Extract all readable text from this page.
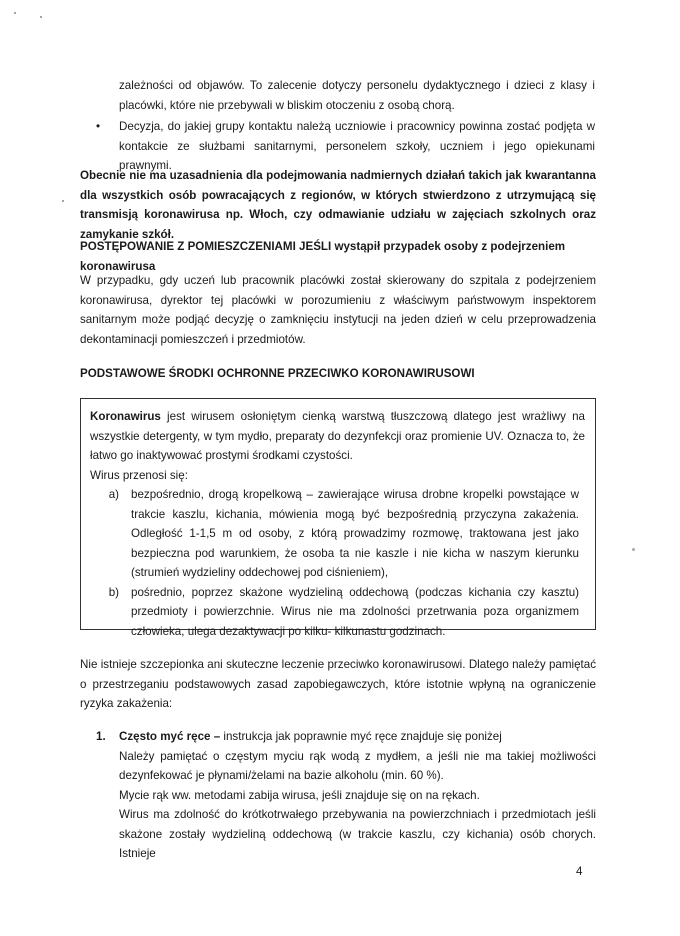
zależności od objawów. To zalecenie dotyczy personelu dydaktycznego i dzieci z klasy i placówki, które nie przebywali w bliskim otoczeniu z osobą chorą.
•	Decyzja, do jakiej grupy kontaktu należą uczniowie i pracownicy powinna zostać podjęta w kontakcie ze służbami sanitarnymi, personelem szkoły, uczniem i jego opiekunami prawnymi.
Obecnie nie ma uzasadnienia dla podejmowania nadmiernych działań takich jak kwarantanna dla wszystkich osób powracających z regionów, w których stwierdzono z utrzymującą się transmisją koronawirusa np. Włoch, czy odmawianie udziału w zajęciach szkolnych oraz zamykanie szkół.
POSTĘPOWANIE Z POMIESZCZENIAMI JEŚLI wystąpił przypadek osoby z podejrzeniem koronawirusa
W przypadku, gdy uczeń lub pracownik placówki został skierowany do szpitala z podejrzeniem koronawirusa, dyrektor tej placówki w porozumieniu z właściwym państwowym inspektorem sanitarnym może podjąć decyzję o zamknięciu instytucji na jeden dzień w celu przeprowadzenia dekontaminacji pomieszczeń i przedmiotów.
PODSTAWOWE ŚRODKI OCHRONNE PRZECIWKO KORONAWIRUSOWI
Koronawirus jest wirusem osłoniętym cienką warstwą tłuszczową dlatego jest wrażliwy na wszystkie detergenty, w tym mydło, preparaty do dezynfekcji oraz promienie UV. Oznacza to, że łatwo go inaktywować prostymi środkami czystości.
Wirus przenosi się:
a)	bezpośrednio, drogą kropelkową – zawierające wirusa drobne kropelki powstające w trakcie kaszlu, kichania, mówienia mogą być bezpośrednią przyczyna zakażenia. Odległość 1-1,5 m od osoby, z którą prowadzimy rozmowę, traktowana jest jako bezpieczna pod warunkiem, że osoba ta nie kaszle i nie kicha w naszym kierunku (strumień wydzieliny oddechowej pod ciśnieniem),
b)	pośrednio, poprzez skażone wydzieliną oddechową (podczas kichania czy kasztu) przedmioty i powierzchnie. Wirus nie ma zdolności przetrwania poza organizmem człowieka, ulega dezaktywacji po kilku- kilkunastu godzinach.
Nie istnieje szczepionka ani skuteczne leczenie przeciwko koronawirusowi. Dlatego należy pamiętać o przestrzeganiu podstawowych zasad zapobiegawczych, które istotnie wpłyną na ograniczenie ryzyka zakażenia:
1.	Często myć ręce – instrukcja jak poprawnie myć ręce znajduje się poniżej
Należy pamiętać o częstym myciu rąk wodą z mydłem, a jeśli nie ma takiej możliwości dezynfekować je płynami/żelami na bazie alkoholu (min. 60 %).
Mycie rąk ww. metodami zabija wirusa, jeśli znajduje się on na rękach.
Wirus ma zdolność do krótkotrwałego przebywania na powierzchniach i przedmiotach jeśli skażone zostały wydzieliną oddechową (w trakcie kaszlu, czy kichania) osób chorych. Istnieje
4
